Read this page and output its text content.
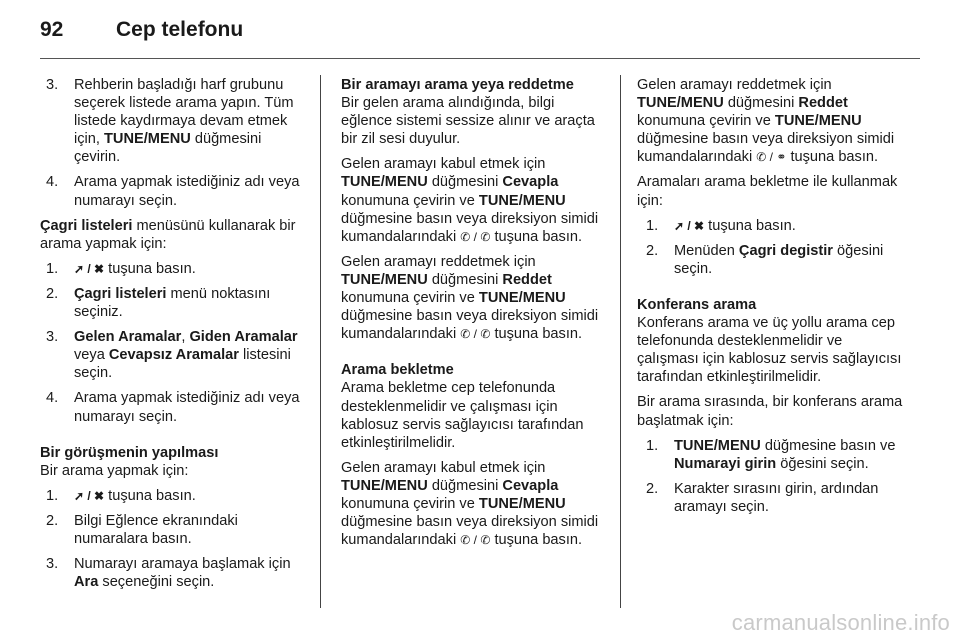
92	Cep telefonu
3. Rehberin başladığı harf grubunu seçerek listede arama yapın. Tüm listede kaydırmaya devam etmek için, TUNE/MENU düğmesini çevirin.
4. Arama yapmak istediğiniz adı veya numarayı seçin.

Çagri listeleri menüsünü kullanarak bir arama yapmak için:

1. ➚ / ✖ tuşuna basın.
2. Çagri listeleri menü noktasını seçiniz.
3. Gelen Aramalar, Giden Aramalar veya Cevapsız Aramalar listesini seçin.
4. Arama yapmak istediğiniz adı veya numarayı seçin.
Bir görüşmenin yapılması

Bir arama yapmak için:

1. ➚ / ✖ tuşuna basın.
2. Bilgi Eğlence ekranındaki numaralara basın.
3. Numarayı aramaya başlamak için Ara seçeneğini seçin.
Bir aramayı arama yeya reddetme

Bir gelen arama alındığında, bilgi eğlence sistemi sessize alınır ve araçta bir zil sesi duyulur.

Gelen aramayı kabul etmek için TUNE/MENU düğmesini Cevapla konumuna çevirin ve TUNE/MENU düğmesine basın veya direksiyon simidi kumandalarındaki ✆ / ✆ tuşuna basın.

Gelen aramayı reddetmek için TUNE/MENU düğmesini Reddet konumuna çevirin ve TUNE/MENU düğmesine basın veya direksiyon simidi kumandalarındaki ✆ / ✆ tuşuna basın.

Arama bekletme

Arama bekletme cep telefonunda desteklenmelidir ve çalışması için kablosuz servis sağlayıcısı tarafından etkinleştirilmelidir.

Gelen aramayı kabul etmek için TUNE/MENU düğmesini Cevapla konumuna çevirin ve TUNE/MENU düğmesine basın veya direksiyon simidi kumandalarındaki ✆ / ✆ tuşuna basın.

Gelen aramayı reddetmek için TUNE/MENU düğmesini Reddet konumuna çevirin ve TUNE/MENU düğmesine basın veya direksiyon simidi kumandalarındaki ✆ / ⚭ tuşuna basın.

Aramaları arama bekletme ile kullanmak için:

1. ➚ / ✖ tuşuna basın.
2. Menüden Çagri degistir öğesini seçin.
Konferans arama

Konferans arama ve üç yollu arama cep telefonunda desteklenmelidir ve çalışması için kablosuz servis sağlayıcısı tarafından etkinleştirilmelidir.

Bir arama sırasında, bir konferans arama başlatmak için:

1. TUNE/MENU düğmesine basın ve Numarayi girin öğesini seçin.
2. Karakter sırasını girin, ardından aramayı seçin.
carmanualsonline.info
